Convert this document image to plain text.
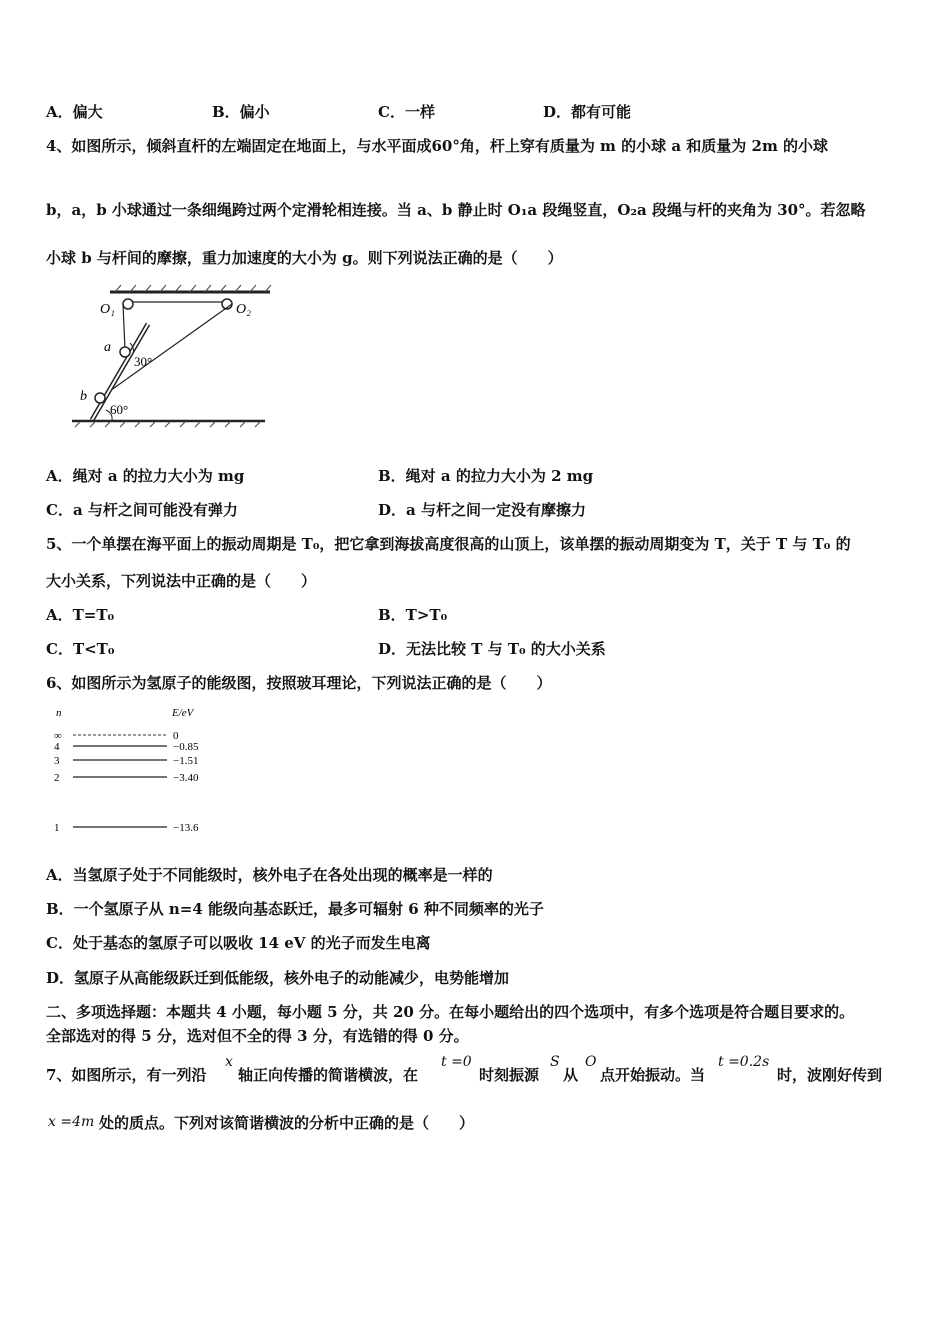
A．偏大	B．偏小	C．一样	D．都有可能
4、如图所示，倾斜直杆的左端固定在地面上，与水平面成60°角，杆上穿有质量为 m 的小球 a 和质量为 2m 的小球
b，a，b 小球通过一条细绳跨过两个定滑轮相连接。当 a、b 静止时 O₁a 段绳竖直，O₂a 段绳与杆的夹角为 30°。若忽略
小球 b 与杆间的摩擦，重力加速度的大小为 g。则下列说法正确的是（　　）
O₁	O₂
a
b
30°
60°
A．绳对 a 的拉力大小为 mg	B．绳对 a 的拉力大小为 2 mg
C．a 与杆之间可能没有弹力	D．a 与杆之间一定没有摩擦力
5、一个单摆在海平面上的振动周期是 T₀，把它拿到海拔高度很高的山顶上，该单摆的振动周期变为 T，关于 T 与 T₀ 的
大小关系，下列说法中正确的是（　　）
A．T=T₀	B．T>T₀
C．T<T₀	D．无法比较 T 与 T₀ 的大小关系
6、如图所示为氢原子的能级图，按照玻耳理论，下列说法正确的是（　　）
n	E/eV
∞
4
3
2
1
0
−0.85
−1.51
−3.40
−13.6
A．当氢原子处于不同能级时，核外电子在各处出现的概率是一样的
B．一个氢原子从 n=4 能级向基态跃迁，最多可辐射 6 种不同频率的光子
C．处于基态的氢原子可以吸收 14 eV 的光子而发生电离
D．氢原子从高能级跃迁到低能级，核外电子的动能减少，电势能增加
二、多项选择题：本题共 4 小题，每小题 5 分，共 20 分。在每小题给出的四个选项中，有多个选项是符合题目要求的。
全部选对的得 5 分，选对但不全的得 3 分，有选错的得 0 分。
7、如图所示，有一列沿
x
轴正向传播的简谐横波，在
t =0
时刻振源
S
从
O
点开始振动。当
t =0.2s
时，波刚好传到
x =4m 处的质点。下列对该简谐横波的分析中正确的是（　　）
